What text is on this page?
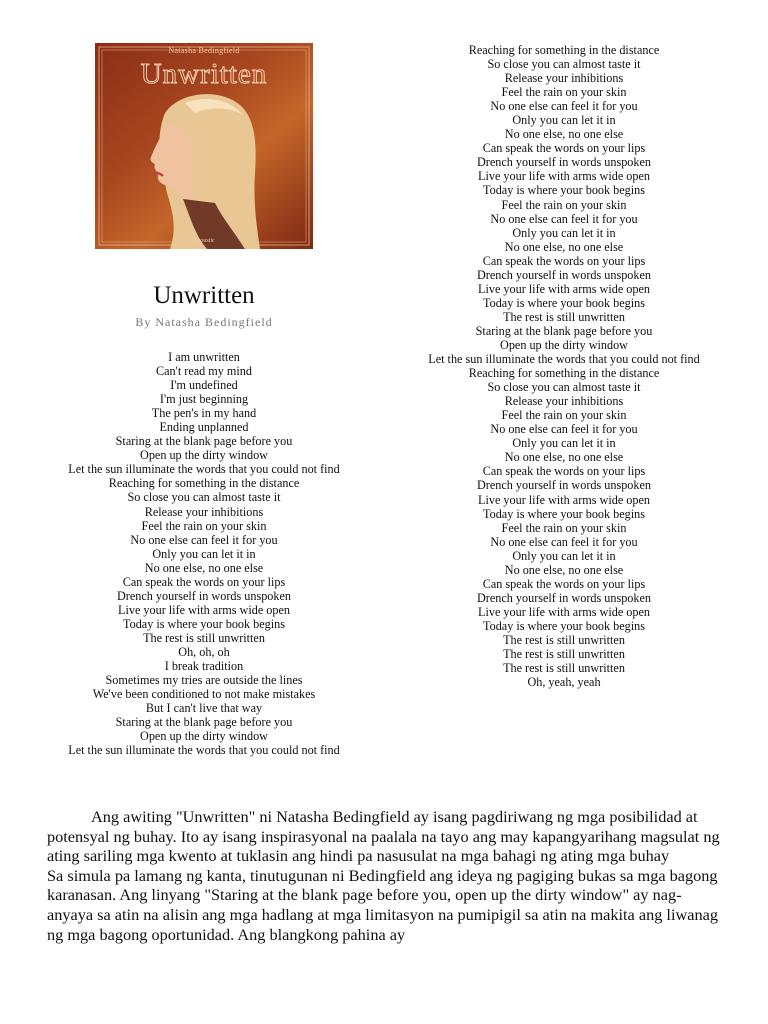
Natasha Bedingfield
Unwritten
Acoustic
Unwritten
By Natasha Bedingfield
I am unwritten
Can't read my mind
I'm undefined
I'm just beginning
The pen's in my hand
Ending unplanned
Staring at the blank page before you
Open up the dirty window
Let the sun illuminate the words that you could not find
Reaching for something in the distance
So close you can almost taste it
Release your inhibitions
Feel the rain on your skin
No one else can feel it for you
Only you can let it in
No one else, no one else
Can speak the words on your lips
Drench yourself in words unspoken
Live your life with arms wide open
Today is where your book begins
The rest is still unwritten
Oh, oh, oh
I break tradition
Sometimes my tries are outside the lines
We've been conditioned to not make mistakes
But I can't live that way
Staring at the blank page before you
Open up the dirty window
Let the sun illuminate the words that you could not find
Reaching for something in the distance
So close you can almost taste it
Release your inhibitions
Feel the rain on your skin
No one else can feel it for you
Only you can let it in
No one else, no one else
Can speak the words on your lips
Drench yourself in words unspoken
Live your life with arms wide open
Today is where your book begins
Feel the rain on your skin
No one else can feel it for you
Only you can let it in
No one else, no one else
Can speak the words on your lips
Drench yourself in words unspoken
Live your life with arms wide open
Today is where your book begins
The rest is still unwritten
Staring at the blank page before you
Open up the dirty window
Let the sun illuminate the words that you could not find
Reaching for something in the distance
So close you can almost taste it
Release your inhibitions
Feel the rain on your skin
No one else can feel it for you
Only you can let it in
No one else, no one else
Can speak the words on your lips
Drench yourself in words unspoken
Live your life with arms wide open
Today is where your book begins
Feel the rain on your skin
No one else can feel it for you
Only you can let it in
No one else, no one else
Can speak the words on your lips
Drench yourself in words unspoken
Live your life with arms wide open
Today is where your book begins
The rest is still unwritten
The rest is still unwritten
The rest is still unwritten
Oh, yeah, yeah

Ang awiting "Unwritten" ni Natasha Bedingfield ay isang pagdiriwang ng mga posibilidad at potensyal ng buhay. Ito ay isang inspirasyonal na paalala na tayo ang may kapangyarihang magsulat ng ating sariling mga kwento at tuklasin ang hindi pa nasusulat na mga bahagi ng ating mga buhay

Sa simula pa lamang ng kanta, tinutugunan ni Bedingfield ang ideya ng pagiging bukas sa mga bagong karanasan. Ang linyang "Staring at the blank page before you, open up the dirty window" ay nag-anyaya sa atin na alisin ang mga hadlang at mga limitasyon na pumipigil sa atin na makita ang liwanag ng mga bagong oportunidad. Ang blangkong pahina ay
